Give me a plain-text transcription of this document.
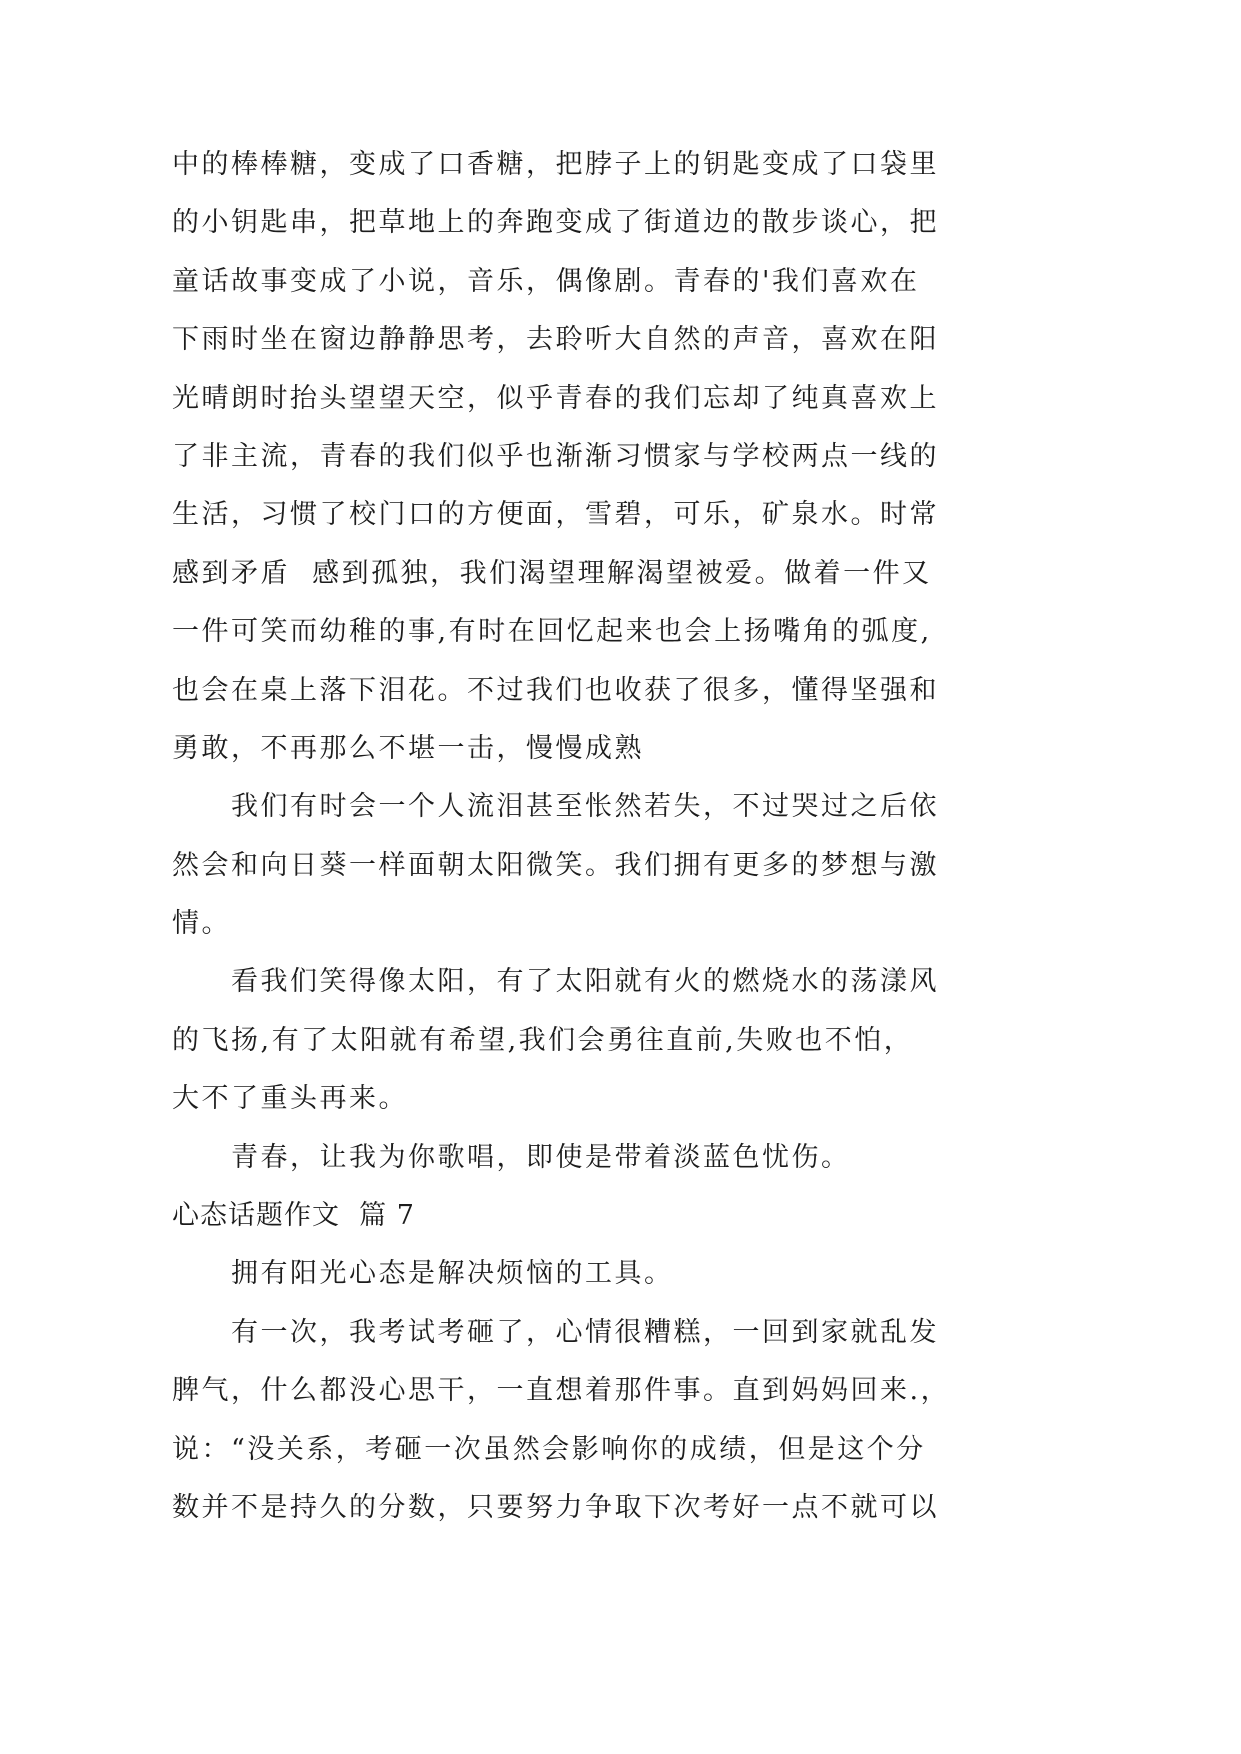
中的棒棒糖，变成了口香糖，把脖子上的钥匙变成了口袋里
的小钥匙串，把草地上的奔跑变成了街道边的散步谈心，把
童话故事变成了小说，音乐，偶像剧。青春的'我们喜欢在
下雨时坐在窗边静静思考，去聆听大自然的声音，喜欢在阳
光晴朗时抬头望望天空，似乎青春的我们忘却了纯真喜欢上
了非主流，青春的我们似乎也渐渐习惯家与学校两点一线的
生活，习惯了校门口的方便面，雪碧，可乐，矿泉水。时常
感到矛盾  感到孤独，我们渴望理解渴望被爱。做着一件又
一件可笑而幼稚的事,有时在回忆起来也会上扬嘴角的弧度,
也会在桌上落下泪花。不过我们也收获了很多，懂得坚强和
勇敢，不再那么不堪一击，慢慢成熟
我们有时会一个人流泪甚至怅然若失，不过哭过之后依
然会和向日葵一样面朝太阳微笑。我们拥有更多的梦想与激
情。
看我们笑得像太阳，有了太阳就有火的燃烧水的荡漾风
的飞扬,有了太阳就有希望,我们会勇往直前,失败也不怕，
大不了重头再来。
青春，让我为你歌唱，即使是带着淡蓝色忧伤。
心态话题作文  篇 7
拥有阳光心态是解决烦恼的工具。
有一次，我考试考砸了，心情很糟糕，一回到家就乱发
脾气，什么都没心思干，一直想着那件事。直到妈妈回来.，
说：“没关系，考砸一次虽然会影响你的成绩，但是这个分
数并不是持久的分数，只要努力争取下次考好一点不就可以
